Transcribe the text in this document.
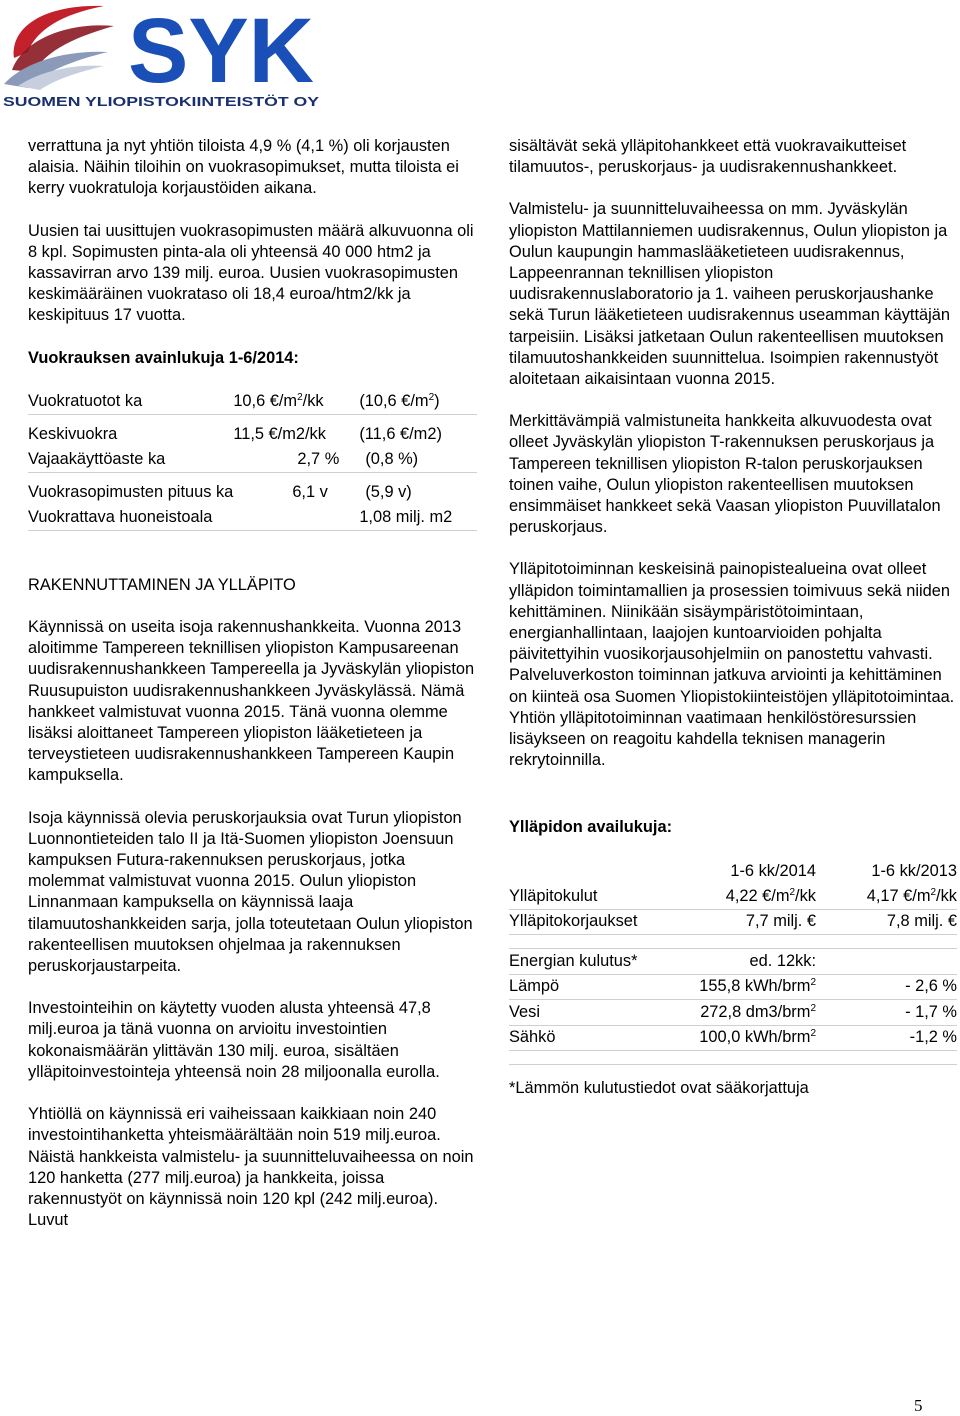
SYK
SUOMEN YLIOPISTOKIINTEISTÖT OY

verrattuna ja nyt yhtiön tiloista 4,9 % (4,1 %) oli korjausten alaisia. Näihin tiloihin on vuokrasopimukset, mutta tiloista ei kerry vuokratuloja korjaustöiden aikana.

Uusien tai uusittujen vuokrasopimusten määrä alkuvuonna oli 8 kpl. Sopimusten pinta-ala oli yhteensä 40 000 htm2 ja kassavirran arvo 139 milj. euroa. Uusien vuokrasopimusten keskimääräinen vuokrataso oli 18,4 euroa/htm2/kk ja keskipituus 17 vuotta.

Vuokrauksen avainlukuja 1-6/2014:

Vuokratuotot ka	10,6 $€/m^2/kk$	(10,6 $€/m^2$)

Keskivuokra	11,5 €/m2/kk	(11,6 €/m2)
Vajaakäyttöaste ka	2,7 %	(0,8 %)

Vuokrasopimusten pituus ka	6,1 v	(5,9 v)
Vuokrattava huoneistoala		1,08 milj. m2

RAKENNUTTAMINEN JA YLLÄPITO

Käynnissä on useita isoja rakennushankkeita. Vuonna 2013 aloitimme Tampereen teknillisen yliopiston Kampusareenan uudisrakennushankkeen Tampereella ja Jyväskylän yliopiston Ruusupuiston uudisrakennushankkeen Jyväskylässä. Nämä hankkeet valmistuvat vuonna 2015. Tänä vuonna olemme lisäksi aloittaneet Tampereen yliopiston lääketieteen ja terveystieteen uudisrakennushankkeen Tampereen Kaupin kampuksella.

Isoja käynnissä olevia peruskorjauksia ovat Turun yliopiston Luonnontieteiden talo II ja Itä-Suomen yliopiston Joensuun kampuksen Futura-rakennuksen peruskorjaus, jotka molemmat valmistuvat vuonna 2015. Oulun yliopiston Linnanmaan kampuksella on käynnissä laaja tilamuutoshankkeiden sarja, jolla toteutetaan Oulun yliopiston rakenteellisen muutoksen ohjelmaa ja rakennuksen peruskorjaustarpeita.

Investointeihin on käytetty vuoden alusta yhteensä 47,8 milj.euroa ja tänä vuonna on arvioitu investointien kokonaismäärän ylittävän 130 milj. euroa, sisältäen ylläpitoinvestointeja yhteensä noin 28 miljoonalla eurolla.

Yhtiöllä on käynnissä eri vaiheissaan kaikkiaan noin 240 investointihanketta yhteismäärältään noin 519 milj.euroa. Näistä hankkeista valmistelu- ja suunnitteluvaiheessa on noin 120 hanketta (277 milj.euroa) ja hankkeita, joissa rakennustyöt on käynnissä noin 120 kpl (242 milj.euroa). Luvut

sisältävät sekä ylläpitohankkeet että vuokravaikutteiset tilamuutos-, peruskorjaus- ja uudisrakennushankkeet.

Valmistelu- ja suunnitteluvaiheessa on mm. Jyväskylän yliopiston Mattilanniemen uudisrakennus, Oulun yliopiston ja Oulun kaupungin hammaslääketieteen uudisrakennus, Lappeenrannan teknillisen yliopiston uudisrakennuslaboratorio ja 1. vaiheen peruskorjaushanke sekä Turun lääketieteen uudisrakennus useamman käyttäjän tarpeisiin. Lisäksi jatketaan Oulun rakenteellisen muutoksen tilamuutoshankkeiden suunnittelua. Isoimpien rakennustyöt aloitetaan aikaisintaan vuonna 2015.

Merkittävämpiä valmistuneita hankkeita alkuvuodesta ovat olleet Jyväskylän yliopiston T-rakennuksen peruskorjaus ja Tampereen teknillisen yliopiston R-talon peruskorjauksen toinen vaihe, Oulun yliopiston rakenteellisen muutoksen ensimmäiset hankkeet sekä Vaasan yliopiston Puuvillatalon peruskorjaus.

Ylläpitotoiminnan keskeisinä painopistealueina ovat olleet ylläpidon toimintamallien ja prosessien toimivuus sekä niiden kehittäminen. Niinikään sisäympäristötoimintaan, energianhallintaan, laajojen kuntoarvioiden pohjalta päivitettyihin vuosikorjausohjelmiin on panostettu vahvasti. Palveluverkoston toiminnan jatkuva arviointi ja kehittäminen on kiinteä osa Suomen Yliopistokiinteistöjen ylläpitotoimintaa. Yhtiön ylläpitotoiminnan vaatimaan henkilöstöresurssien lisäykseen on reagoitu kahdella teknisen managerin rekrytoinnilla.

Ylläpidon availukuja:

	1-6 kk/2014	1-6 kk/2013
Ylläpitokulut	4,22 $€/m^2/kk$	4,17 $€/m^2/kk$
Ylläpitokorjaukset	7,7 milj. €	7,8 milj. €

Energian kulutus*	ed. 12kk:	
Lämpö	155,8 kWh/brm$^2$	- 2,6 %
Vesi	272,8 dm3/brm$^2$	- 1,7 %
Sähkö	100,0 kWh/brm$^2$	-1,2 %

*Lämmön kulutustiedot ovat sääkorjattuja

5
